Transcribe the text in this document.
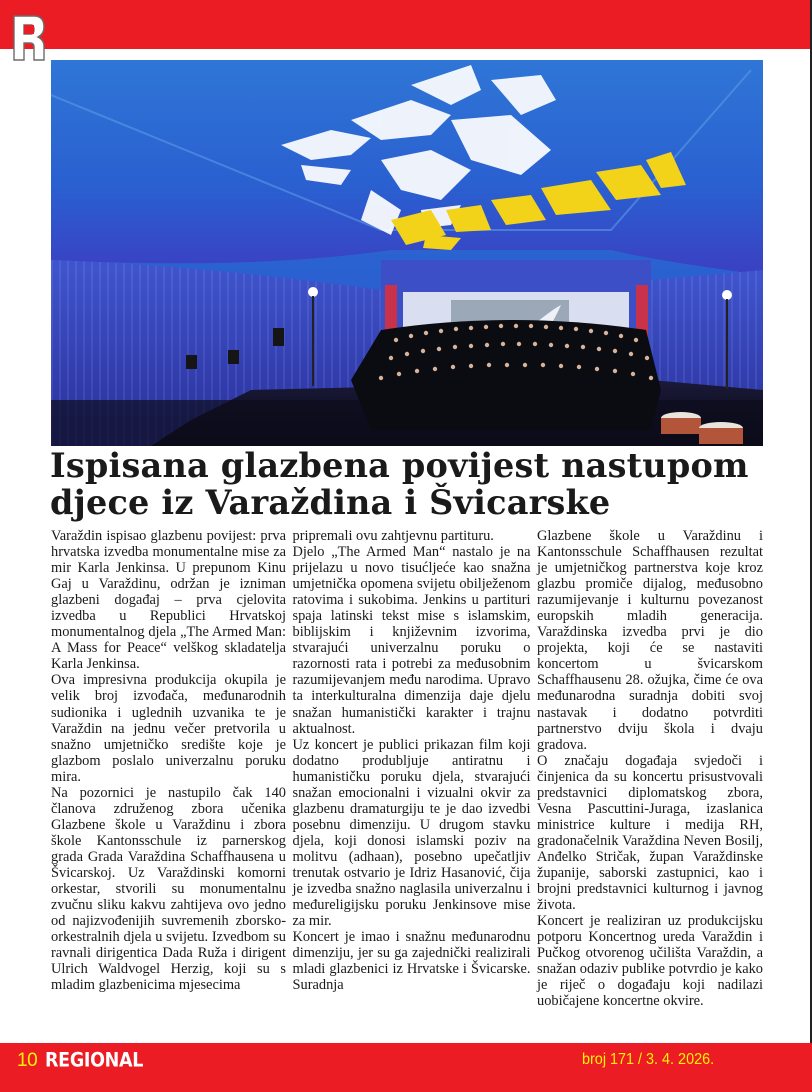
Ispisana glazbena povijest nastupom
djece iz Varaždina i Švicarske

Varaždin ispisao glazbenu povijest: prva hrvatska izvedba monumentalne mise za mir Karla Jenkinsa. U prepunom Kinu Gaj u Varaždinu, održan je izniman glazbeni događaj – prva cjelovita izvedba u Republici Hrvatskoj monumentalnog djela „The Armed Man: A Mass for Peace“ velškog skladatelja Karla Jenkinsa.

Ova impresivna produkcija okupila je velik broj izvođača, međunarodnih sudionika i uglednih uzvanika te je Varaždin na jednu večer pretvorila u snažno umjetničko središte koje je glazbom poslalo univerzalnu poruku mira.

Na pozornici je nastupilo čak 140 članova združenog zbora učenika Glazbene škole u Varaždinu i zbora škole Kantonsschule iz parnerskog grada Grada Varaždina Schaffhausena u Švicarskoj. Uz Varaždinski komorni orkestar, stvorili su monumentalnu zvučnu sliku kakvu zahtijeva ovo jedno od najizvođenijih suvremenih zborsko-orkestralnih djela u svijetu. Izvedbom su ravnali dirigentica Dada Ruža i dirigent Ulrich Waldvogel Herzig, koji su s mladim glazbenicima mjesecima

pripremali ovu zahtjevnu partituru.

Djelo „The Armed Man“ nastalo je na prijelazu u novo tisućljeće kao snažna umjetnička opomena svijetu obilježenom ratovima i sukobima. Jenkins u partituri spaja latinski tekst mise s islamskim, biblijskim i književnim izvorima, stvarajući univerzalnu poruku o razornosti rata i potrebi za međusobnim razumijevanjem među narodima. Upravo ta interkulturalna dimenzija daje djelu snažan humanistički karakter i trajnu aktualnost.

Uz koncert je publici prikazan film koji dodatno produbljuje antiratnu i humanističku poruku djela, stvarajući snažan emocionalni i vizualni okvir za glazbenu dramaturgiju te je dao izvedbi posebnu dimenziju. U drugom stavku djela, koji donosi islamski poziv na molitvu (adhaan), posebno upečatljiv trenutak ostvario je Idriz Hasanović, čija je izvedba snažno naglasila univerzalnu i međureligijsku poruku Jenkinsove mise za mir.

Koncert je imao i snažnu međunarodnu dimenziju, jer su ga zajednički realizirali mladi glazbenici iz Hrvatske i Švicarske. Suradnja

Glazbene škole u Varaždinu i Kantonsschule Schaffhausen rezultat je umjetničkog partnerstva koje kroz glazbu promiče dijalog, međusobno razumijevanje i kulturnu povezanost europskih mladih generacija. Varaždinska izvedba prvi je dio projekta, koji će se nastaviti koncertom u švicarskom Schaffhausenu 28. ožujka, čime će ova međunarodna suradnja dobiti svoj nastavak i dodatno potvrditi partnerstvo dviju škola i dvaju gradova.

O značaju događaja svjedoči i činjenica da su koncertu prisustvovali predstavnici diplomatskog zbora, Vesna Pascuttini-Juraga, izaslanica ministrice kulture i medija RH, gradonačelnik Varaždina Neven Bosilj, Anđelko Stričak, župan Varaždinske županije, saborski zastupnici, kao i brojni predstavnici kulturnog i javnog života.

Koncert je realiziran uz produkcijsku potporu Koncertnog ureda Varaždin i Pučkog otvorenog učilišta Varaždin, a snažan odaziv publike potvrdio je kako je riječ o događaju koji nadilazi uobičajene koncertne okvire.

10 REGIONAL	broj 171 / 3. 4. 2026.
